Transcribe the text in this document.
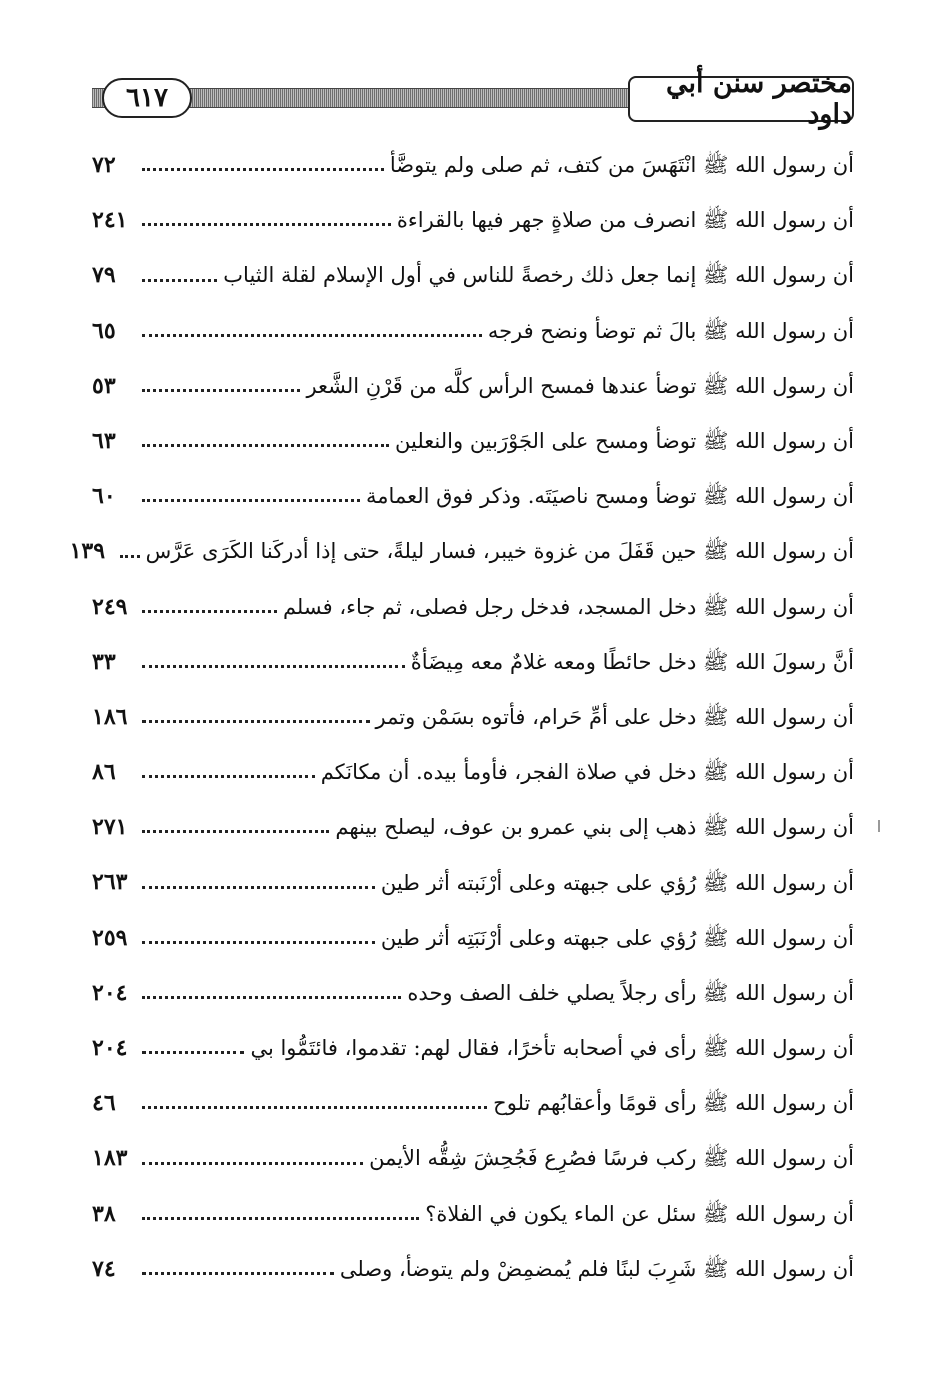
٦١٧	مختصر سنن أبي داود
أن رسول الله ﷺ انْتَهَسَ من كتف، ثم صلى ولم يتوضَّأ
٧٢
أن رسول الله ﷺ انصرف من صلاةٍ جهر فيها بالقراءة
٢٤١
أن رسول الله ﷺ إنما جعل ذلك رخصةً للناس في أول الإسلام لقلة الثياب
٧٩
أن رسول الله ﷺ بالَ ثم توضأ ونضح فرجه
٦٥
أن رسول الله ﷺ توضأ عندها فمسح الرأس كلَّه من قَرْنِ الشَّعر
٥٣
أن رسول الله ﷺ توضأ ومسح على الجَوْرَبين والنعلين
٦٣
أن رسول الله ﷺ توضأ ومسح ناصيَتَه. وذكر فوق العمامة
٦٠
أن رسول الله ﷺ حين قَفَلَ من غزوة خيبر، فسار ليلةً، حتى إذا أدركَنا الكَرَى عَرَّس
١٣٩
أن رسول الله ﷺ دخل المسجد، فدخل رجل فصلى، ثم جاء، فسلم
٢٤٩
أنَّ رسولَ الله ﷺ دخل حائطًا ومعه غلامٌ معه مِيضَأةٌ
٣٣
أن رسول الله ﷺ دخل على أمِّ حَرام، فأتوه بسَمْن وتمر
١٨٦
أن رسول الله ﷺ دخل في صلاة الفجر، فأومأ بيده. أن مكانَكم
٨٦
أن رسول الله ﷺ ذهب إلى بني عمرو بن عوف، ليصلح بينهم
٢٧١
أن رسول الله ﷺ رُؤي على جبهته وعلى أرْنَبته أثر طين
٢٦٣
أن رسول الله ﷺ رُؤي على جبهته وعلى أرْنَبَتِه أثر طين
٢٥٩
أن رسول الله ﷺ رأى رجلاً يصلي خلف الصف وحده
٢٠٤
أن رسول الله ﷺ رأى في أصحابه تأخرًا، فقال لهم: تقدموا، فائتَمُّوا بي
٢٠٤
أن رسول الله ﷺ رأى قومًا وأعقابُهم تلوح
٤٦
أن رسول الله ﷺ ركب فرسًا فصُرِع فَجُحِشَ شِقُّه الأيمن
١٨٣
أن رسول الله ﷺ سئل عن الماء يكون في الفلاة؟
٣٨
أن رسول الله ﷺ شَرِبَ لبنًا فلم يُمضمِضْ ولم يتوضأ، وصلى
٧٤
